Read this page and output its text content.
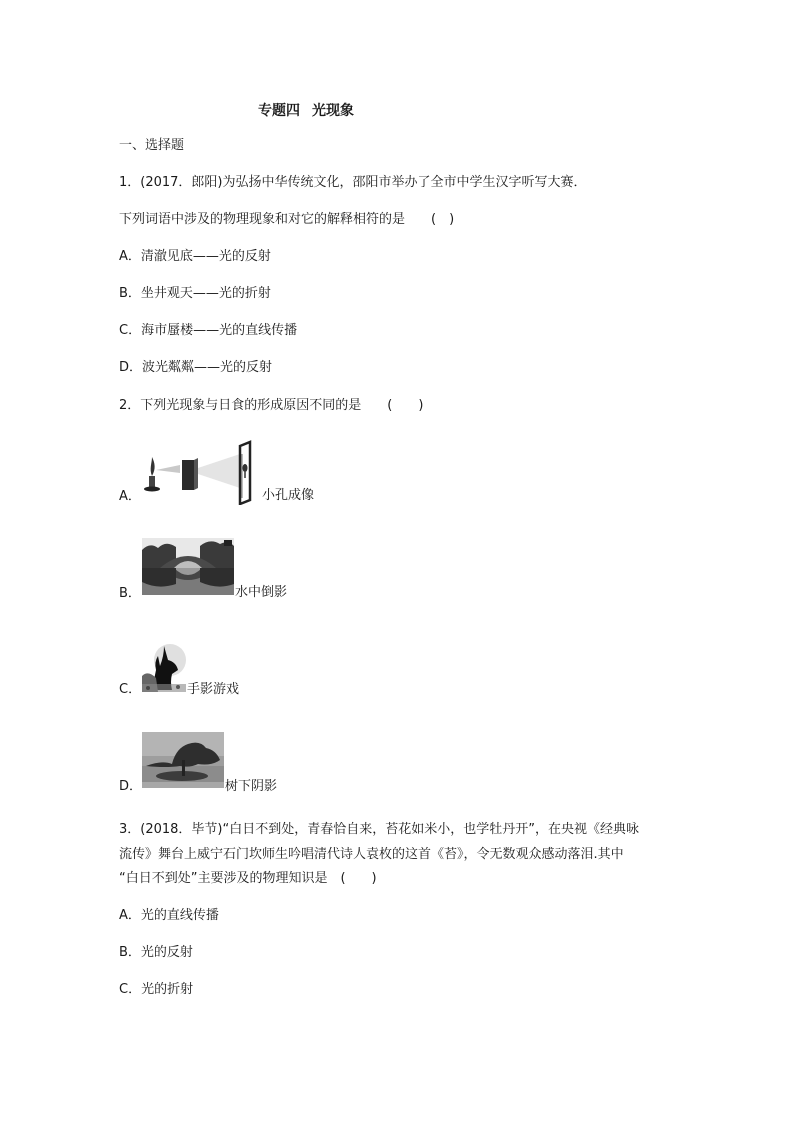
专题四 光现象
一、选择题
1．(2017．郎阳)为弘扬中华传统文化，邵阳市举办了全市中学生汉字听写大赛．
下列词语中涉及的物理现象和对它的解释相符的是　　(　)
A．清澈见底——光的反射
B．坐井观天——光的折射
C．海市蜃楼——光的直线传播
D．波光粼粼——光的反射
2．下列光现象与日食的形成原因不同的是　　(　　)
A．	小孔成像
B．	水中倒影
C．	手影游戏
D．	树下阴影
3．(2018．毕节)“白日不到处，青春恰自来，苔花如米小，也学牡丹开”，在央视《经典咏
流传》舞台上威宁石门坎师生吟唱清代诗人袁枚的这首《苔》，令无数观众感动落泪.其中
“白日不到处”主要涉及的物理知识是　(　　)
A．光的直线传播
B．光的反射
C．光的折射
